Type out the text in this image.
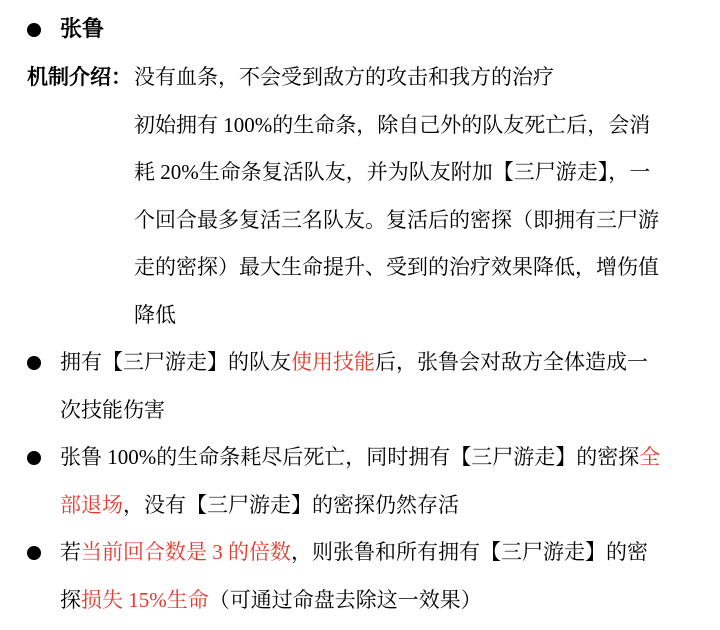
张鲁
机制介绍：没有血条，不会受到敌方的攻击和我方的治疗
初始拥有 100%的生命条，除自己外的队友死亡后，会消
耗 20%生命条复活队友，并为队友附加【三尸游走】，一
个回合最多复活三名队友。复活后的密探（即拥有三尸游
走的密探）最大生命提升、受到的治疗效果降低，增伤值
降低
拥有【三尸游走】的队友使用技能后，张鲁会对敌方全体造成一
次技能伤害
张鲁 100%的生命条耗尽后死亡，同时拥有【三尸游走】的密探全
部退场，没有【三尸游走】的密探仍然存活
若当前回合数是 3 的倍数，则张鲁和所有拥有【三尸游走】的密
探损失 15%生命（可通过命盘去除这一效果）
